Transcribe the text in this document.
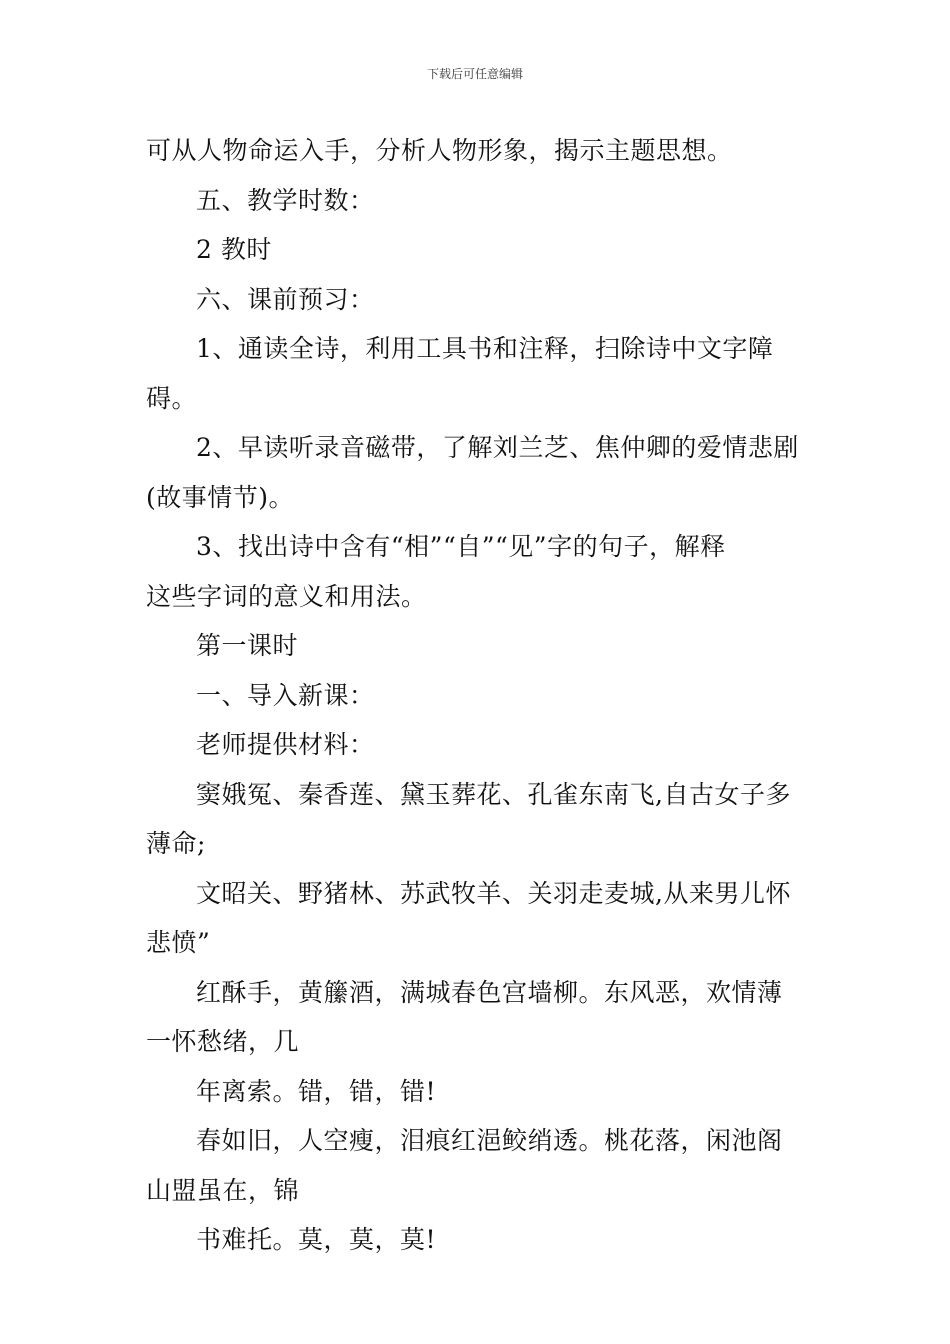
下载后可任意编辑

可从人物命运入手，分析人物形象，揭示主题思想。

五、教学时数：

2 教时

六、课前预习：

1、通读全诗，利用工具书和注释，扫除诗中文字障碍。

2、早读听录音磁带，了解刘兰芝、焦仲卿的爱情悲剧

(故事情节)。

3、找出诗中含有“相”“自”“见”字的句子，解释

这些字词的意义和用法。

第一课时

一、导入新课：

老师提供材料：

窦娥冤、秦香莲、黛玉葬花、孔雀东南飞,自古女子多

薄命;

文昭关、野猪林、苏武牧羊、关羽走麦城,从来男儿怀

悲愤”

红酥手，黄籘酒，满城春色宫墙柳。东风恶，欢情薄

一怀愁绪，几

年离索。错，错，错!

春如旧，人空瘦，泪痕红浥鲛绡透。桃花落，闲池阁

山盟虽在，锦

书难托。莫，莫，莫!
